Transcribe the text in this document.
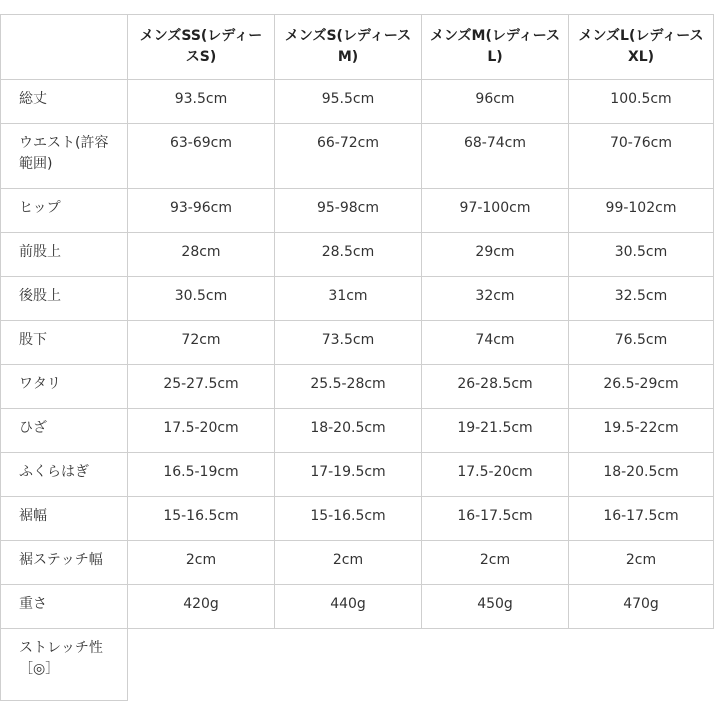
	メンズSS(レディースS)	メンズS(レディースM)	メンズM(レディースL)	メンズL(レディースXL)
総丈	93.5cm	95.5cm	96cm	100.5cm
ウエスト(許容範囲)	63-69cm	66-72cm	68-74cm	70-76cm
ヒップ	93-96cm	95-98cm	97-100cm	99-102cm
前股上	28cm	28.5cm	29cm	30.5cm
後股上	30.5cm	31cm	32cm	32.5cm
股下	72cm	73.5cm	74cm	76.5cm
ワタリ	25-27.5cm	25.5-28cm	26-28.5cm	26.5-29cm
ひざ	17.5-20cm	18-20.5cm	19-21.5cm	19.5-22cm
ふくらはぎ	16.5-19cm	17-19.5cm	17.5-20cm	18-20.5cm
裾幅	15-16.5cm	15-16.5cm	16-17.5cm	16-17.5cm
裾ステッチ幅	2cm	2cm	2cm	2cm
重さ	420g	440g	450g	470g
ストレッチ性［◎］				
